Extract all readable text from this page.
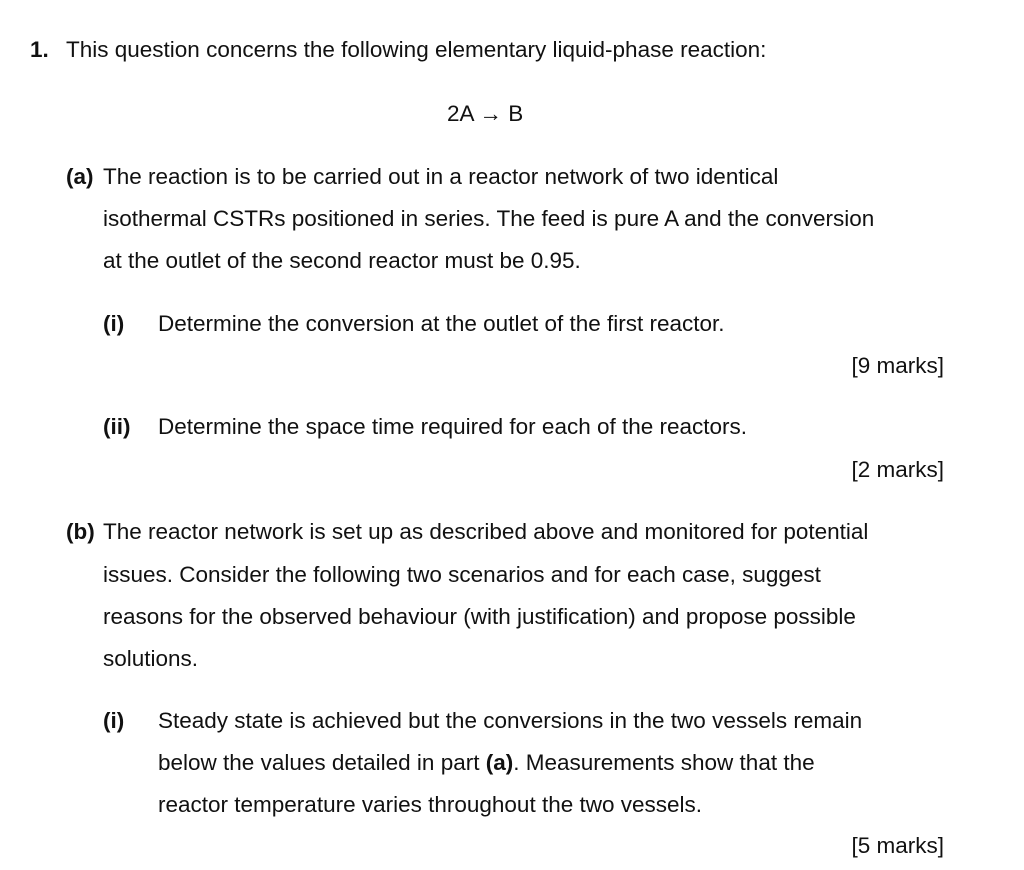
1. This question concerns the following elementary liquid-phase reaction:
2A → B
(a) The reaction is to be carried out in a reactor network of two identical
isothermal CSTRs positioned in series. The feed is pure A and the conversion
at the outlet of the second reactor must be 0.95.
(i) Determine the conversion at the outlet of the first reactor.
[9 marks]
(ii) Determine the space time required for each of the reactors.
[2 marks]
(b) The reactor network is set up as described above and monitored for potential
issues. Consider the following two scenarios and for each case, suggest
reasons for the observed behaviour (with justification) and propose possible
solutions.
(i) Steady state is achieved but the conversions in the two vessels remain
below the values detailed in part (a). Measurements show that the
reactor temperature varies throughout the two vessels.
[5 marks]
